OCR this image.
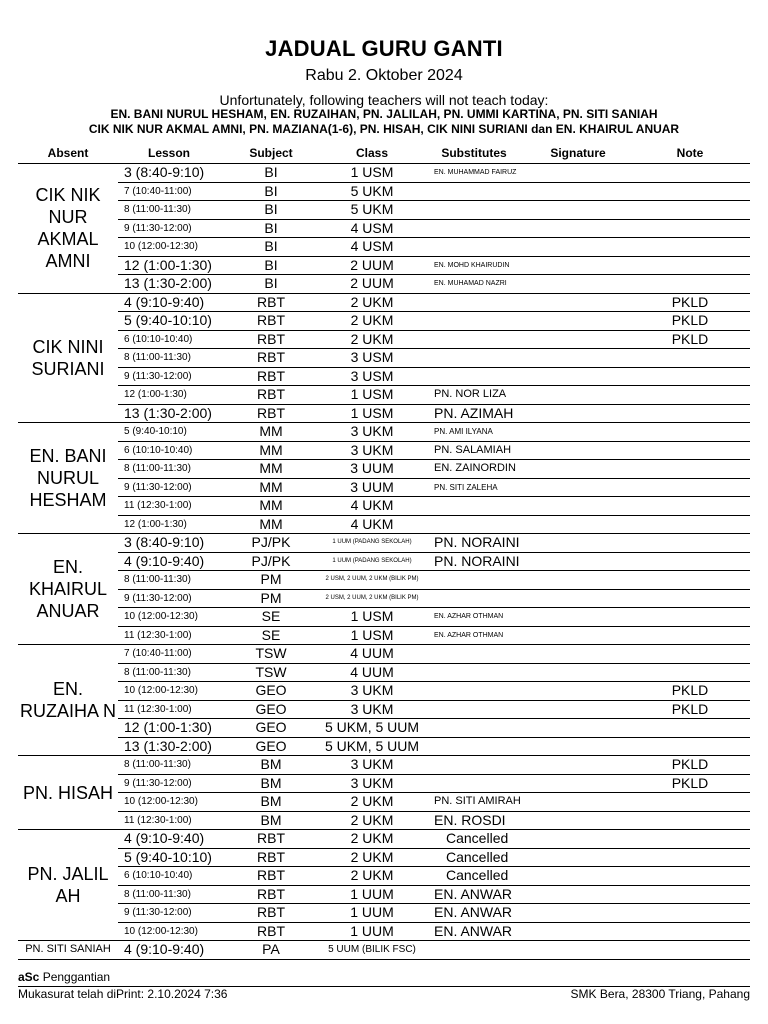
JADUAL GURU GANTI
Rabu 2. Oktober 2024
Unfortunately, following teachers will not teach today:
EN. BANI NURUL HESHAM, EN. RUZAIHAN, PN. JALILAH, PN. UMMI KARTINA, PN. SITI SANIAH
CIK NIK NUR AKMAL AMNI, PN. MAZIANA(1-6), PN. HISAH, CIK NINI SURIANI dan EN. KHAIRUL ANUAR
Absent	Lesson	Subject	Class	Substitutes	Signature	Note
CIK NIK NUR AKMAL AMNI	3 (8:40-9:10)	BI	1 USM	EN. MUHAMMAD FAIRUZ		
	7 (10:40-11:00)	BI	5 UKM			
	8 (11:00-11:30)	BI	5 UKM			
	9 (11:30-12:00)	BI	4 USM			
	10 (12:00-12:30)	BI	4 USM			
	12 (1:00-1:30)	BI	2 UUM	EN. MOHD KHAIRUDIN		
	13 (1:30-2:00)	BI	2 UUM	EN. MUHAMAD NAZRI		
CIK NINI SURIANI	4 (9:10-9:40)	RBT	2 UKM			PKLD
	5 (9:40-10:10)	RBT	2 UKM			PKLD
	6 (10:10-10:40)	RBT	2 UKM			PKLD
	8 (11:00-11:30)	RBT	3 USM			
	9 (11:30-12:00)	RBT	3 USM			
	12 (1:00-1:30)	RBT	1 USM	PN. NOR LIZA		
	13 (1:30-2:00)	RBT	1 USM	PN. AZIMAH		
EN. BANI NURUL HESHAM	5 (9:40-10:10)	MM	3 UKM	PN. AMI ILYANA		
	6 (10:10-10:40)	MM	3 UKM	PN. SALAMIAH		
	8 (11:00-11:30)	MM	3 UUM	EN. ZAINORDIN		
	9 (11:30-12:00)	MM	3 UUM	PN. SITI ZALEHA		
	11 (12:30-1:00)	MM	4 UKM			
	12 (1:00-1:30)	MM	4 UKM			
EN. KHAIRUL ANUAR	3 (8:40-9:10)	PJ/PK	1 UUM (PADANG SEKOLAH)	PN. NORAINI		
	4 (9:10-9:40)	PJ/PK	1 UUM (PADANG SEKOLAH)	PN. NORAINI		
	8 (11:00-11:30)	PM	2 USM, 2 UUM, 2 UKM (BILIK PM)			
	9 (11:30-12:00)	PM	2 USM, 2 UUM, 2 UKM (BILIK PM)			
	10 (12:00-12:30)	SE	1 USM	EN. AZHAR OTHMAN		
	11 (12:30-1:00)	SE	1 USM	EN. AZHAR OTHMAN		
EN. RUZAIHA N	7 (10:40-11:00)	TSW	4 UUM			
	8 (11:00-11:30)	TSW	4 UUM			
	10 (12:00-12:30)	GEO	3 UKM			PKLD
	11 (12:30-1:00)	GEO	3 UKM			PKLD
	12 (1:00-1:30)	GEO	5 UKM, 5 UUM			
	13 (1:30-2:00)	GEO	5 UKM, 5 UUM			
PN. HISAH	8 (11:00-11:30)	BM	3 UKM			PKLD
	9 (11:30-12:00)	BM	3 UKM			PKLD
	10 (12:00-12:30)	BM	2 UKM	PN. SITI AMIRAH		
	11 (12:30-1:00)	BM	2 UKM	EN. ROSDI		
PN. JALIL AH	4 (9:10-9:40)	RBT	2 UKM	Cancelled		
	5 (9:40-10:10)	RBT	2 UKM	Cancelled		
	6 (10:10-10:40)	RBT	2 UKM	Cancelled		
	8 (11:00-11:30)	RBT	1 UUM	EN. ANWAR		
	9 (11:30-12:00)	RBT	1 UUM	EN. ANWAR		
	10 (12:00-12:30)	RBT	1 UUM	EN. ANWAR		
PN. SITI SANIAH	4 (9:10-9:40)	PA	5 UUM (BILIK FSC)			
aSc Penggantian
Mukasurat telah diPrint: 2.10.2024 7:36	SMK Bera, 28300 Triang, Pahang
